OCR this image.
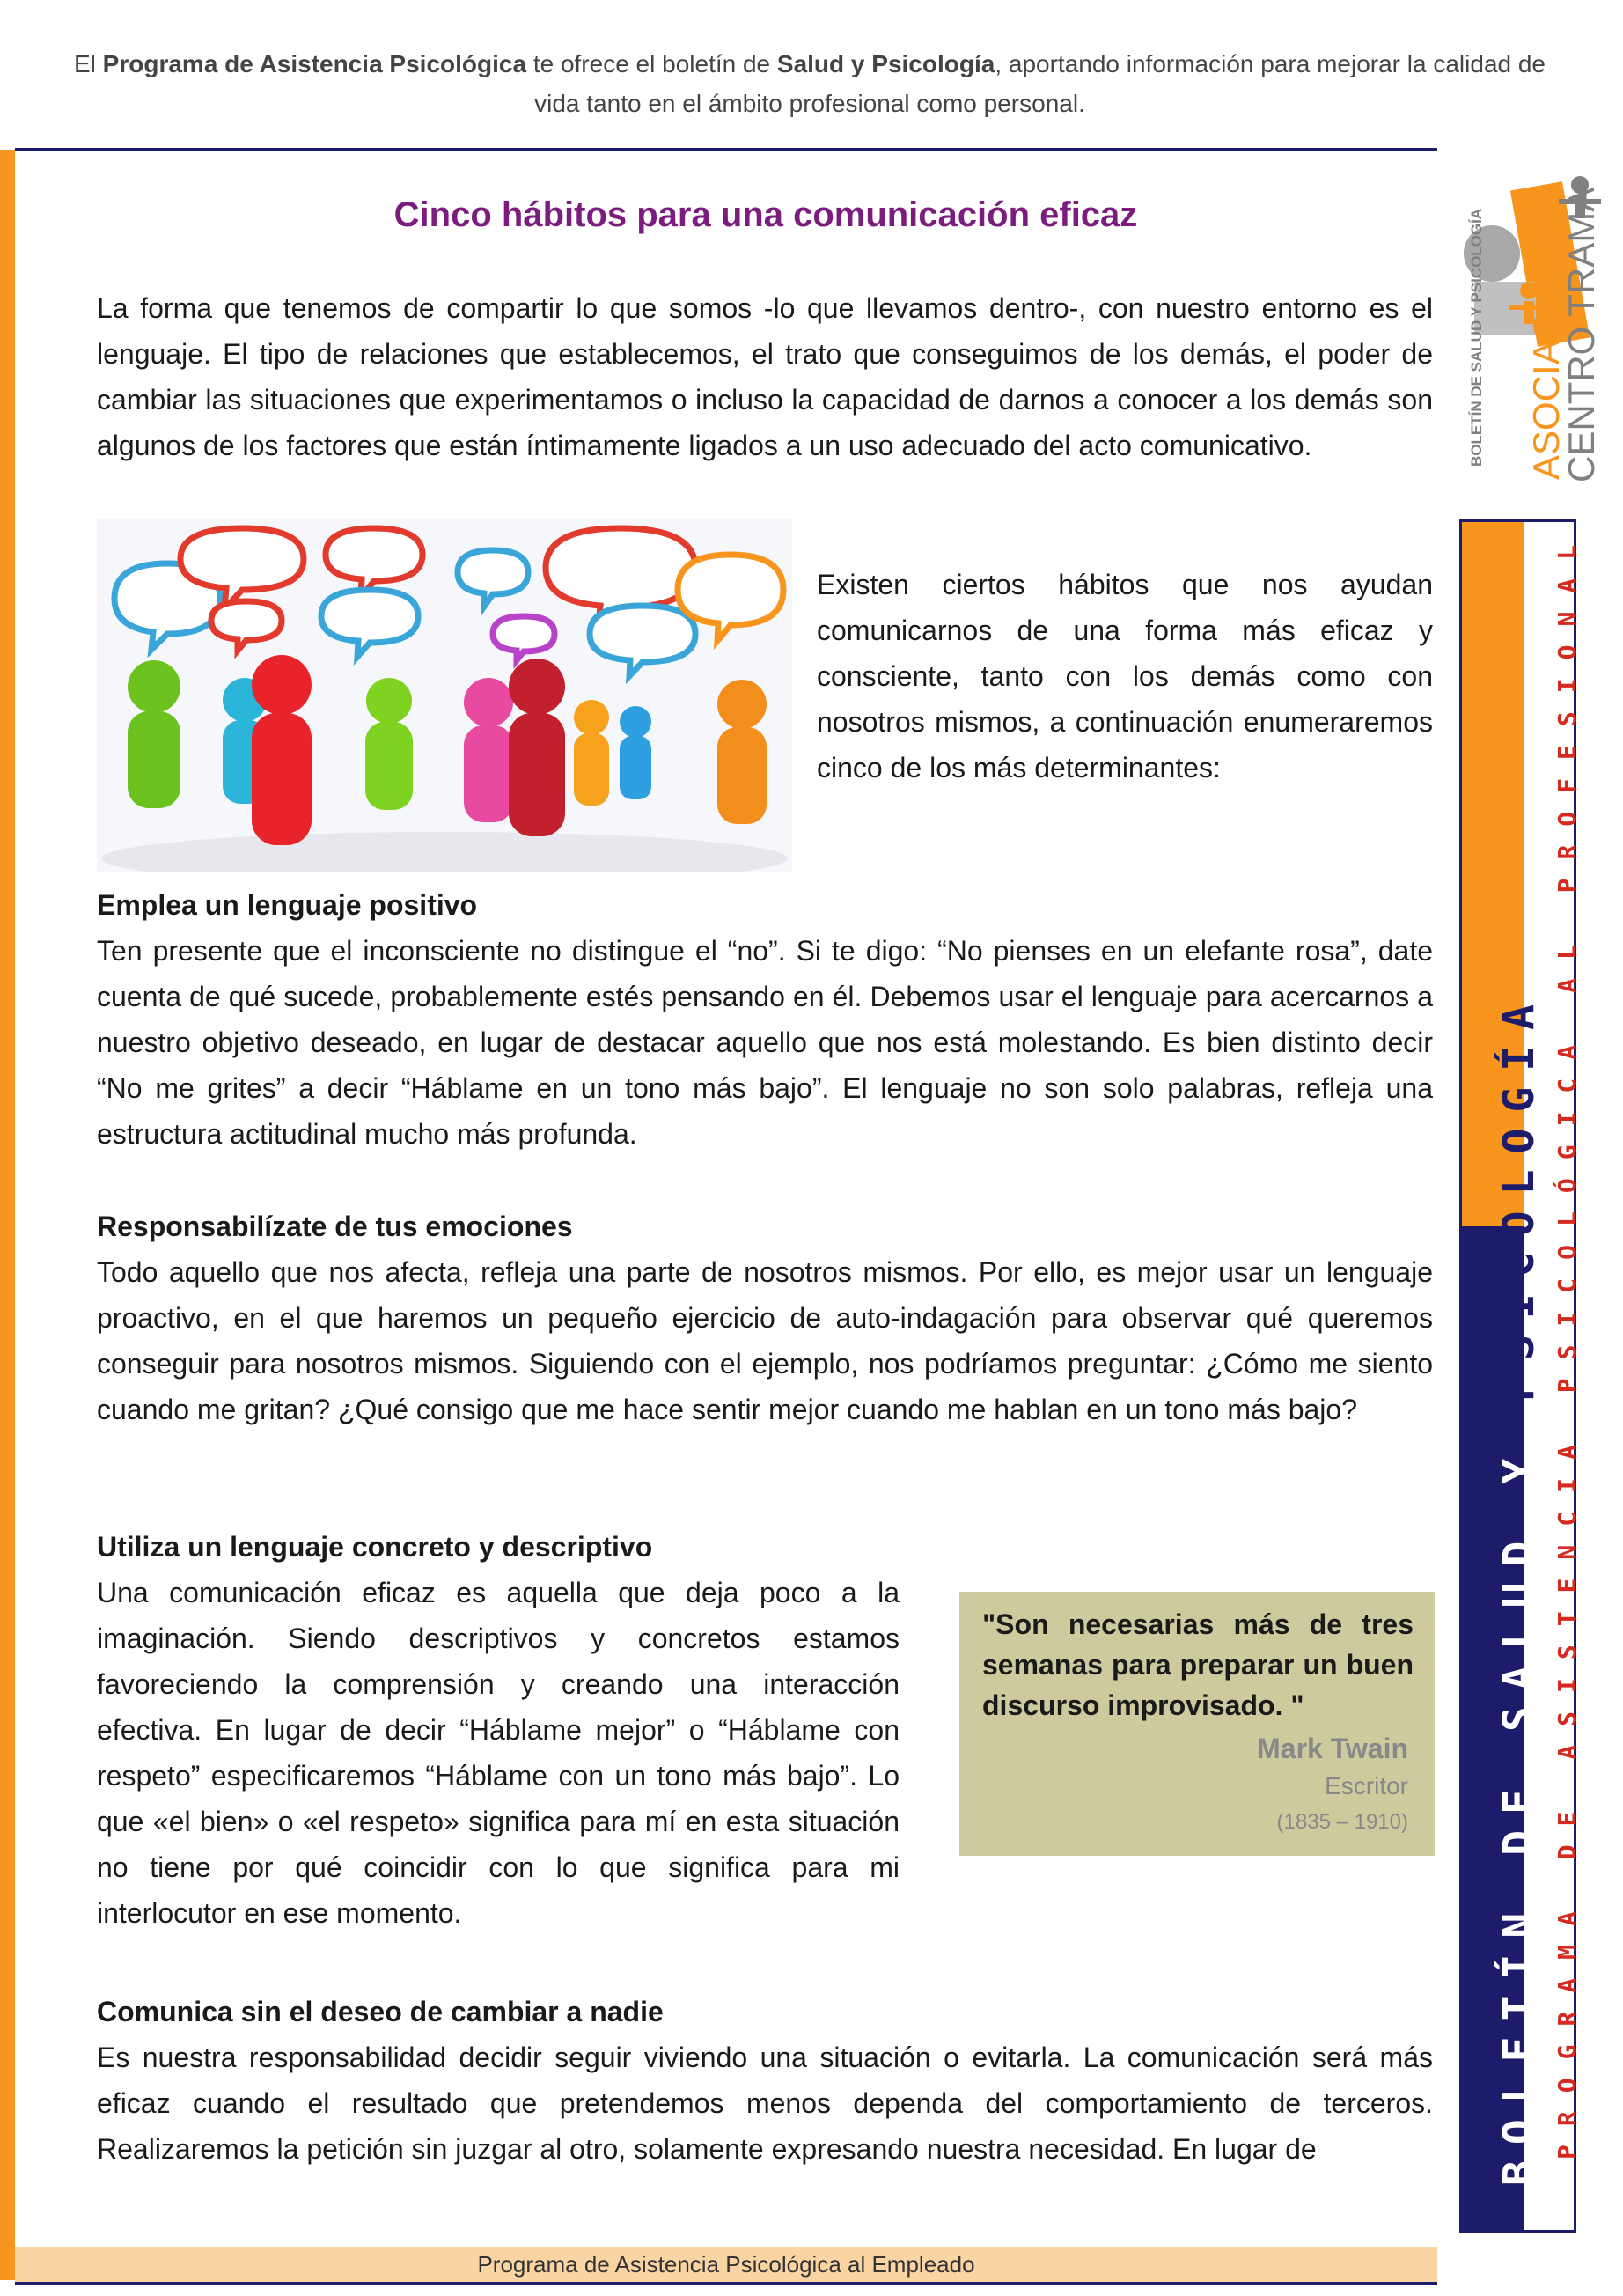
El Programa de Asistencia Psicológica te ofrece el boletín de Salud y Psicología, aportando información para mejorar la calidad de vida tanto en el ámbito profesional como personal.
ASOCIACIÓN
CENTRO TRAMA
BOLETÍN DE SALUD Y PSICOLOGÍA
Cinco hábitos para una comunicación eficaz

La forma que tenemos de compartir lo que somos -lo que llevamos dentro-, con nuestro entorno es el lenguaje. El tipo de relaciones que establecemos, el trato que conseguimos de los demás, el poder de cambiar las situaciones que experimentamos o incluso la capacidad de darnos a conocer a los demás son algunos de los factores que están íntimamente ligados a un uso adecuado del acto comunicativo.

Existen ciertos hábitos que nos ayudan comunicarnos de una forma más eficaz y consciente, tanto con los demás como con nosotros mismos, a continuación enumeraremos cinco de los más determinantes:

Emplea un lenguaje positivo

Ten presente que el inconsciente no distingue el “no”. Si te digo: “No pienses en un elefante rosa”, date cuenta de qué sucede, probablemente estés pensando en él. Debemos usar el lenguaje para acercarnos a nuestro objetivo deseado, en lugar de destacar aquello que nos está molestando. Es bien distinto decir “No me grites” a decir “Háblame en un tono más bajo”. El lenguaje no son solo palabras, refleja una estructura actitudinal mucho más profunda.

Responsabilízate de tus emociones

Todo aquello que nos afecta, refleja una parte de nosotros mismos. Por ello, es mejor usar un lenguaje proactivo, en el que haremos un pequeño ejercicio de auto-indagación para observar qué queremos conseguir para nosotros mismos. Siguiendo con el ejemplo, nos podríamos preguntar: ¿Cómo me siento cuando me gritan? ¿Qué consigo que me hace sentir mejor cuando me hablan en un tono más bajo?

Utiliza un lenguaje concreto y descriptivo

Una comunicación eficaz es aquella que deja poco a la imaginación. Siendo descriptivos y concretos estamos favoreciendo la comprensión y creando una interacción efectiva. En lugar de decir “Háblame mejor” o “Háblame con respeto” especificaremos “Háblame con un tono más bajo”. Lo que «el bien» o «el respeto» significa para mí en esta situación no tiene por qué coincidir con lo que significa para mi interlocutor en ese momento.

"Son necesarias más de tres semanas para preparar un buen discurso improvisado. "
Mark Twain
Escritor
(1835 – 1910)

Comunica sin el deseo de cambiar a nadie

Es nuestra responsabilidad decidir seguir viviendo una situación o evitarla. La comunicación será más eficaz cuando el resultado que pretendemos menos dependa del comportamiento de terceros. Realizaremos la petición sin juzgar al otro, solamente expresando nuestra necesidad. En lugar de	BOLETÍN DE SALUD Y PSICOLOGÍA PROGRAMA DE ASISTENCIA PSICOLÓGICA AL PROFESIONAL
Programa de Asistencia Psicológica al Empleado
